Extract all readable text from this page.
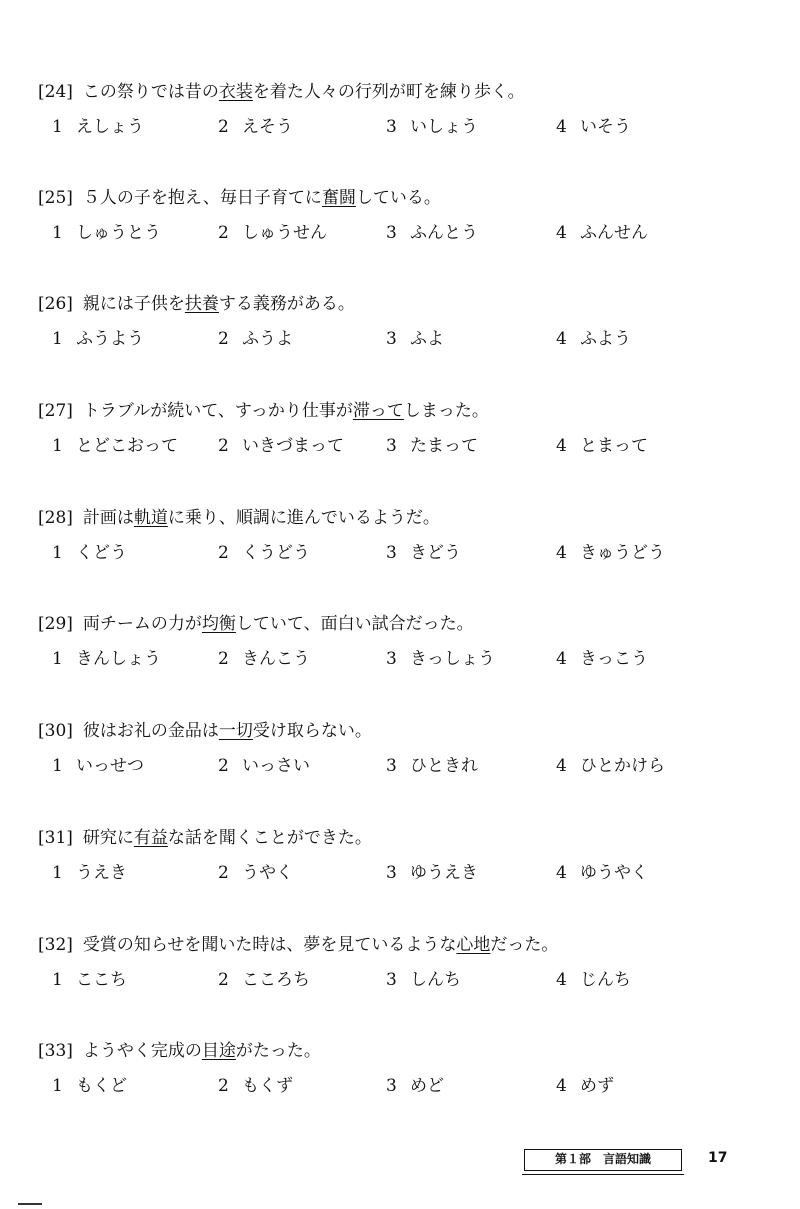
[24] この祭りでは昔の衣装を着た人々の行列が町を練り歩く。
1 えしょう	2 えそう	3 いしょう	4 いそう
[25] ５人の子を抱え、毎日子育てに奮闘している。
1 しゅうとう	2 しゅうせん	3 ふんとう	4 ふんせん
[26] 親には子供を扶養する義務がある。
1 ふうよう	2 ふうよ	3 ふよ	4 ふよう
[27] トラブルが続いて、すっかり仕事が滞ってしまった。
1 とどこおって 2 いきづまって 3 たまって	4 とまって
[28] 計画は軌道に乗り、順調に進んでいるようだ。
1 くどう	2 くうどう	3 きどう	4 きゅうどう
[29] 両チームの力が均衡していて、面白い試合だった。
1 きんしょう	2 きんこう	3 きっしょう	4 きっこう
[30] 彼はお礼の金品は一切受け取らない。
1 いっせつ	2 いっさい	3 ひときれ	4 ひとかけら
[31] 研究に有益な話を聞くことができた。
1 うえき	2 うやく	3 ゆうえき	4 ゆうやく
[32] 受賞の知らせを聞いた時は、夢を見ているような心地だった。
1 ここち	2 こころち	3 しんち	4 じんち
[33] ようやく完成の目途がたった。
1 もくど	2 もくず	3 めど	4 めず
第１部　言語知識	17
